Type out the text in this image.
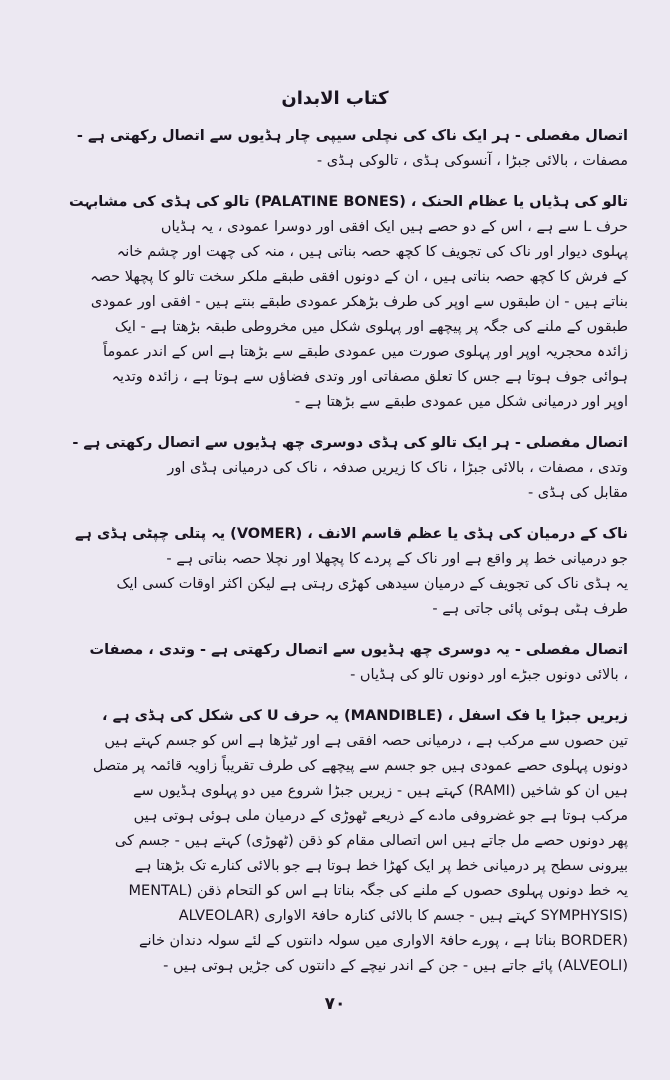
کتاب الابدان
اتصال مفصلی - ہر ایک ناک کی نچلی سیپی چار ہڈیوں سے اتصال رکھتی ہے -
مصفات ، بالائی جبڑا ، آنسوکی ہڈی ، تالوکی ہڈی -
تالو کی ہڈیاں یا عظام الحنک ، (PALATINE BONES) تالو کی ہڈی کی مشابہت
حرف L سے ہے ، اس کے دو حصے ہیں ایک افقی اور دوسرا عمودی ، یہ ہڈیاں
پہلوی دیوار اور ناک کی تجویف کا کچھ حصہ بناتی ہیں ، منہ کی چھت اور چشم خانہ
کے فرش کا کچھ حصہ بناتی ہیں ، ان کے دونوں افقی طبقے ملکر سخت تالو کا پچھلا حصہ
بناتے ہیں - ان طبقوں سے اوپر کی طرف بڑھکر عمودی طبقے بنتے ہیں - افقی اور عمودی
طبقوں کے ملنے کی جگہ پر پیچھے اور پہلوی شکل میں مخروطی طبقہ بڑھتا ہے - ایک
زائدہ محجریہ اوپر اور پہلوی صورت میں عمودی طبقے سے بڑھتا ہے اس کے اندر عموماً
ہوائی جوف ہوتا ہے جس کا تعلق مصفاتی اور وتدی فضاؤں سے ہوتا ہے ، زائدہ وتدیہ
اوپر اور درمیانی شکل میں عمودی طبقے سے بڑھتا ہے -
اتصال مفصلی - ہر ایک تالو کی ہڈی دوسری چھ ہڈیوں سے اتصال رکھتی ہے -
وتدی ، مصفات ، بالائی جبڑا ، ناک کا زیریں صدفہ ، ناک کی درمیانی ہڈی اور
مقابل کی ہڈی -
ناک کے درمیان کی ہڈی یا عظم قاسم الانف ، (VOMER) یہ پتلی چپٹی ہڈی ہے
جو درمیانی خط پر واقع ہے اور ناک کے پردے کا پچھلا اور نچلا حصہ بناتی ہے -
یہ ہڈی ناک کی تجویف کے درمیان سیدھی کھڑی رہتی ہے لیکن اکثر اوقات کسی ایک
طرف ہٹی ہوئی پائی جاتی ہے -
اتصال مفصلی - یہ دوسری چھ ہڈیوں سے اتصال رکھتی ہے - وتدی ، مصفات
، بالائی دونوں جبڑے اور دونوں تالو کی ہڈیاں -
زیریں جبڑا یا فک اسفل ، (MANDIBLE) یہ حرف U کی شکل کی ہڈی ہے ،
تین حصوں سے مرکب ہے ، درمیانی حصہ افقی ہے اور ٹیڑھا ہے اس کو جسم کہتے ہیں
دونوں پہلوی حصے عمودی ہیں جو جسم سے پیچھے کی طرف تقریباً زاویہ قائمہ پر متصل
ہیں ان کو شاخیں (RAMI) کہتے ہیں - زیریں جبڑا شروع میں دو پہلوی ہڈیوں سے
مرکب ہوتا ہے جو غضروفی مادے کے ذریعے ٹھوڑی کے درمیان ملی ہوئی ہوتی ہیں
پھر دونوں حصے مل جاتے ہیں اس اتصالی مقام کو ذقن (ٹھوڑی) کہتے ہیں - جسم کی
بیرونی سطح پر درمیانی خط پر ایک کھڑا خط ہوتا ہے جو بالائی کنارے تک بڑھتا ہے
یہ خط دونوں پہلوی حصوں کے ملنے کی جگہ بناتا ہے اس کو التحام ذقن (MENTAL
(SYMPHYSIS کہتے ہیں - جسم کا بالائی کنارہ حافۃ الاواری (ALVEOLAR
(BORDER بناتا ہے ، پورے حافۃ الاواری میں سولہ دانتوں کے لئے سولہ دندان خانے
(ALVEOLI) پائے جاتے ہیں - جن کے اندر نیچے کے دانتوں کی جڑیں ہوتی ہیں -
٧٠
